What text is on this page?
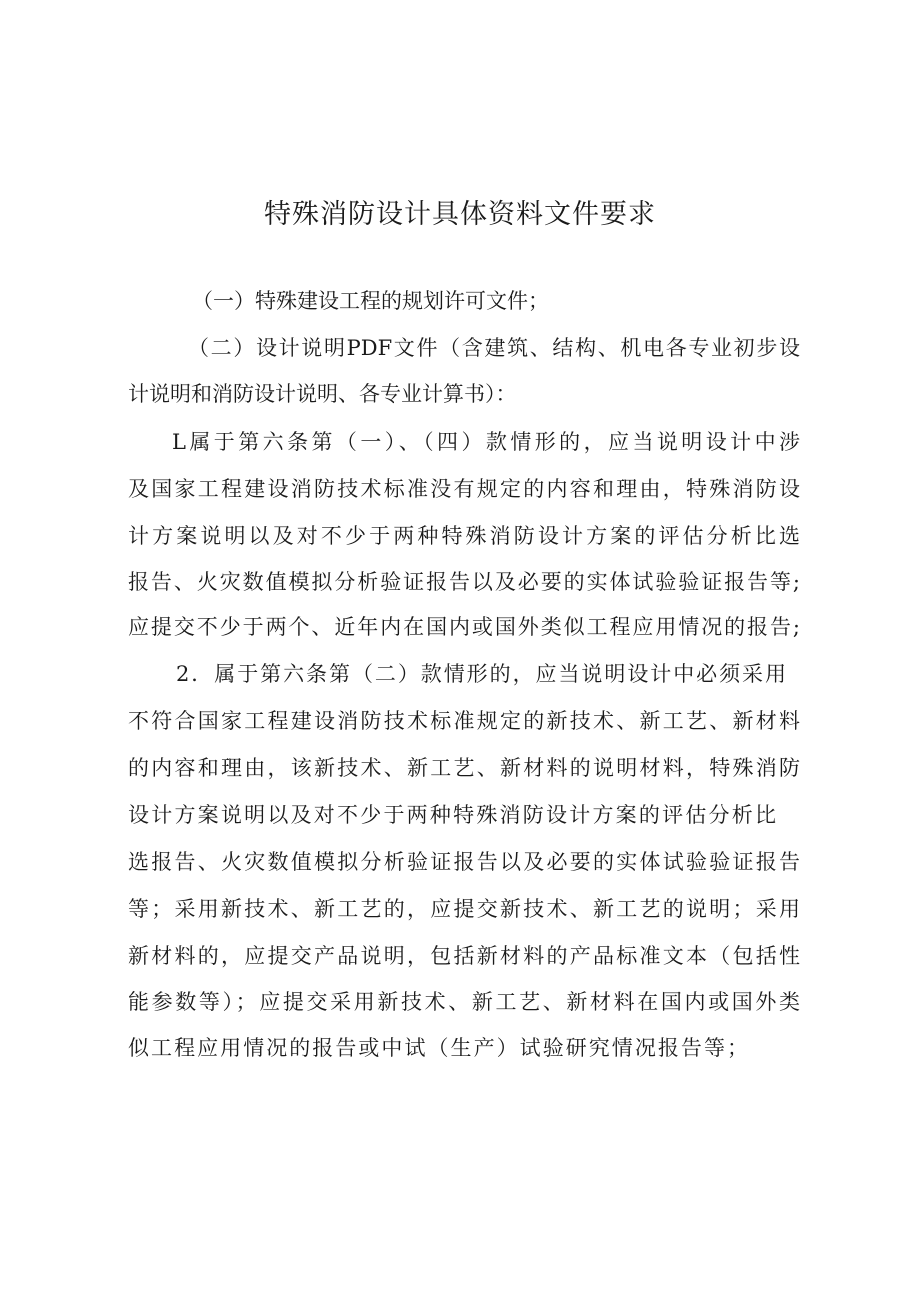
特殊消防设计具体资料文件要求
（一）特殊建设工程的规划许可文件；
（二）设计说明PDF文件（含建筑、结构、机电各专业初步设
计说明和消防设计说明、各专业计算书）：
L属于第六条第（一）、（四）款情形的，应当说明设计中涉
及国家工程建设消防技术标准没有规定的内容和理由，特殊消防设
计方案说明以及对不少于两种特殊消防设计方案的评估分析比选
报告、火灾数值模拟分析验证报告以及必要的实体试验验证报告等;
应提交不少于两个、近年内在国内或国外类似工程应用情况的报告;
2．属于第六条第（二）款情形的，应当说明设计中必须采用
不符合国家工程建设消防技术标准规定的新技术、新工艺、新材料
的内容和理由，该新技术、新工艺、新材料的说明材料，特殊消防
设计方案说明以及对不少于两种特殊消防设计方案的评估分析比
选报告、火灾数值模拟分析验证报告以及必要的实体试验验证报告
等；采用新技术、新工艺的，应提交新技术、新工艺的说明；采用
新材料的，应提交产品说明，包括新材料的产品标准文本（包括性
能参数等）；应提交采用新技术、新工艺、新材料在国内或国外类
似工程应用情况的报告或中试（生产）试验研究情况报告等；
